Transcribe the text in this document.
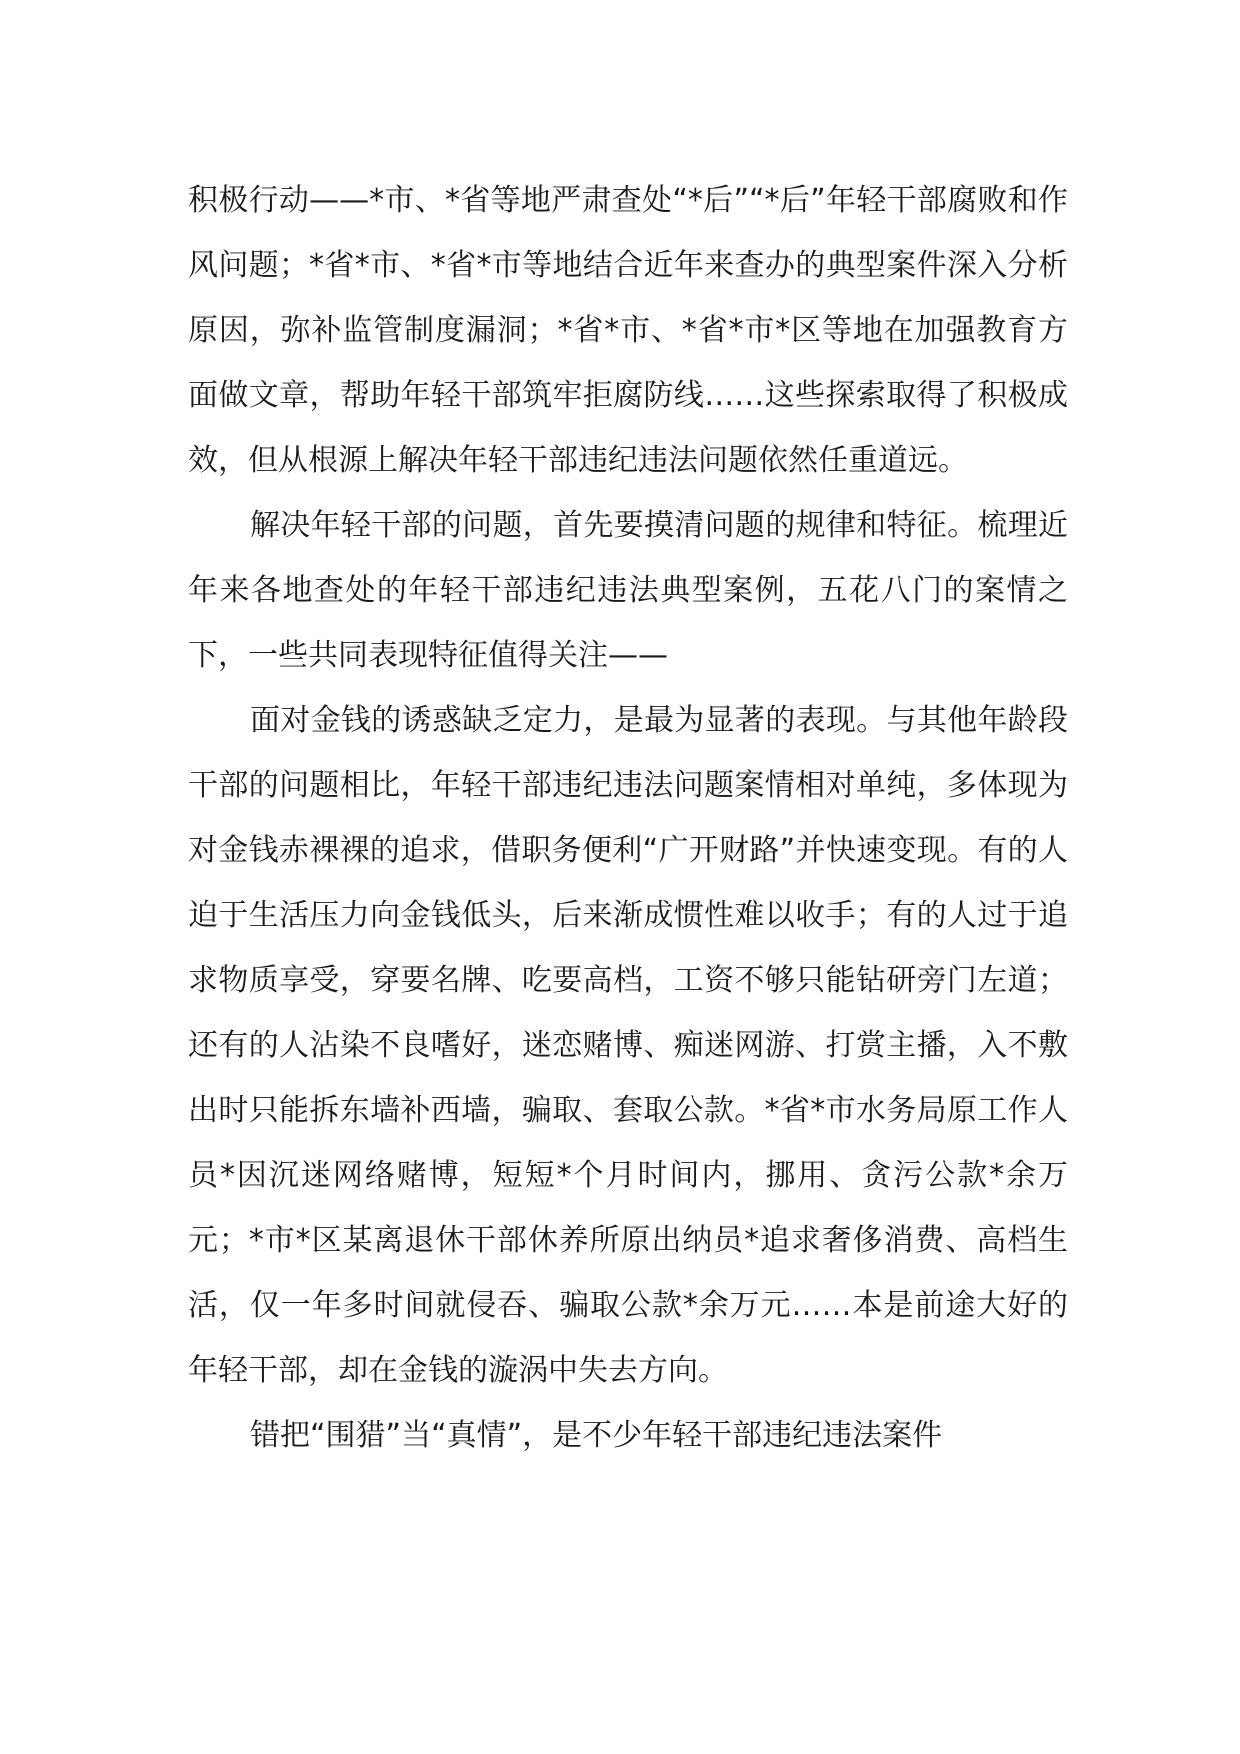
积极行动——*市、*省等地严肃查处“*后”“*后”年轻干部腐败和作风问题；*省*市、*省*市等地结合近年来查办的典型案件深入分析原因，弥补监管制度漏洞；*省*市、*省*市*区等地在加强教育方面做文章，帮助年轻干部筑牢拒腐防线……这些探索取得了积极成效，但从根源上解决年轻干部违纪违法问题依然任重道远。

解决年轻干部的问题，首先要摸清问题的规律和特征。梳理近年来各地查处的年轻干部违纪违法典型案例，五花八门的案情之下，一些共同表现特征值得关注——

面对金钱的诱惑缺乏定力，是最为显著的表现。与其他年龄段干部的问题相比，年轻干部违纪违法问题案情相对单纯，多体现为对金钱赤裸裸的追求，借职务便利“广开财路”并快速变现。有的人迫于生活压力向金钱低头，后来渐成惯性难以收手；有的人过于追求物质享受，穿要名牌、吃要高档，工资不够只能钻研旁门左道；还有的人沾染不良嗜好，迷恋赌博、痴迷网游、打赏主播，入不敷出时只能拆东墙补西墙，骗取、套取公款。*省*市水务局原工作人员*因沉迷网络赌博，短短*个月时间内，挪用、贪污公款*余万元；*市*区某离退休干部休养所原出纳员*追求奢侈消费、高档生活，仅一年多时间就侵吞、骗取公款*余万元……本是前途大好的年轻干部，却在金钱的漩涡中失去方向。

错把“围猎”当“真情”，是不少年轻干部违纪违法案件
